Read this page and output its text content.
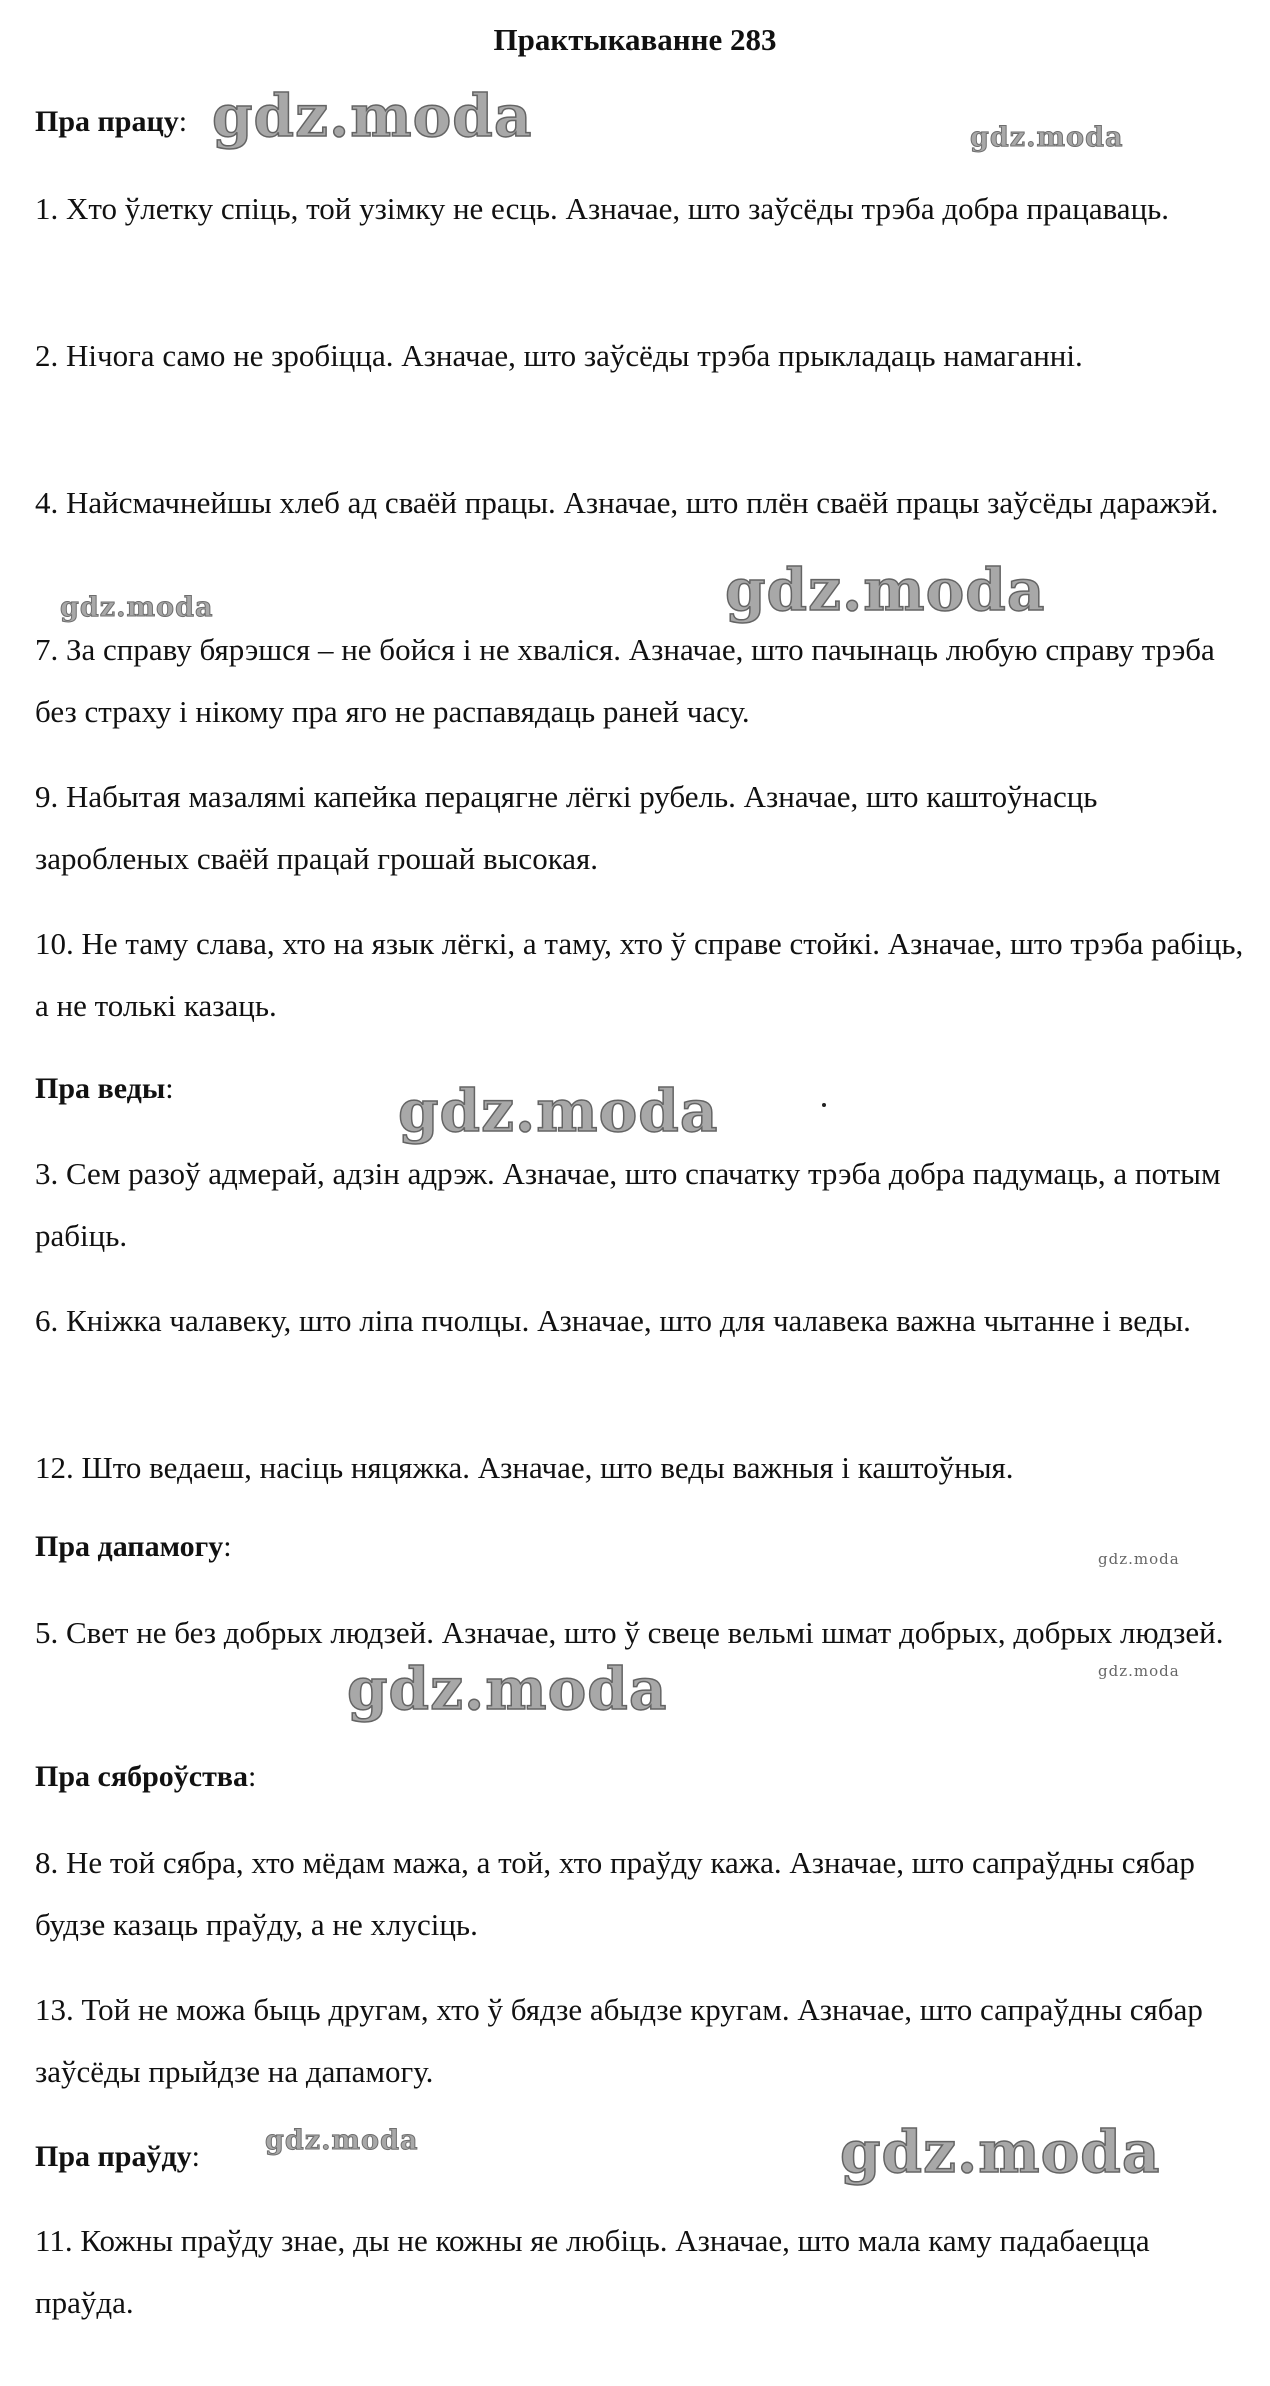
Практыкаванне 283

Пра працу:

1. Хто ўлетку спіць, той узімку не есць. Азначае, што заўсёды трэба добра працаваць.

2. Нічога само не зробіцца. Азначае, што заўсёды трэба прыкладаць намаганні.

4. Найсмачнейшы хлеб ад сваёй працы. Азначае, што плён сваёй працы заўсёды даражэй.

7. За справу бярэшся – не бойся і не хваліся. Азначае, што пачынаць любую справу трэба без страху і нікому пра яго не распавядаць раней часу.

9. Набытая мазалямі капейка перацягне лёгкі рубель. Азначае, што каштоўнасць заробленых сваёй працай грошай высокая.

10. Не таму слава, хто на язык лёгкі, а таму, хто ў справе стойкі. Азначае, што трэба рабіць, а не толькі казаць.

Пра веды:

3. Сем разоў адмерай, адзін адрэж. Азначае, што спачатку трэба добра падумаць, а потым рабіць.

6. Кніжка чалавеку, што ліпа пчолцы. Азначае, што для чалавека важна чытанне і веды.

12. Што ведаеш, насіць няцяжка. Азначае, што веды важныя і каштоўныя.

Пра дапамогу:

5. Свет не без добрых людзей. Азначае, што ў свеце вельмі шмат добрых, добрых людзей.

Пра сяброўства:

8. Не той сябра, хто мёдам мажа, а той, хто праўду кажа. Азначае, што сапраўдны сябар будзе казаць праўду, а не хлусіць.

13. Той не можа быць другам, хто ў бядзе абыдзе кругам. Азначае, што сапраўдны сябар заўсёды прыйдзе на дапамогу.

Пра праўду:

11. Кожны праўду знае, ды не кожны яе любіць. Азначае, што мала каму падабаецца праўда.

gdz.moda	gdz.moda
gdz.moda
gdz.moda
gdz.moda
gdz.moda
gdz.moda
gdz.moda
gdz.moda	gdz.moda
